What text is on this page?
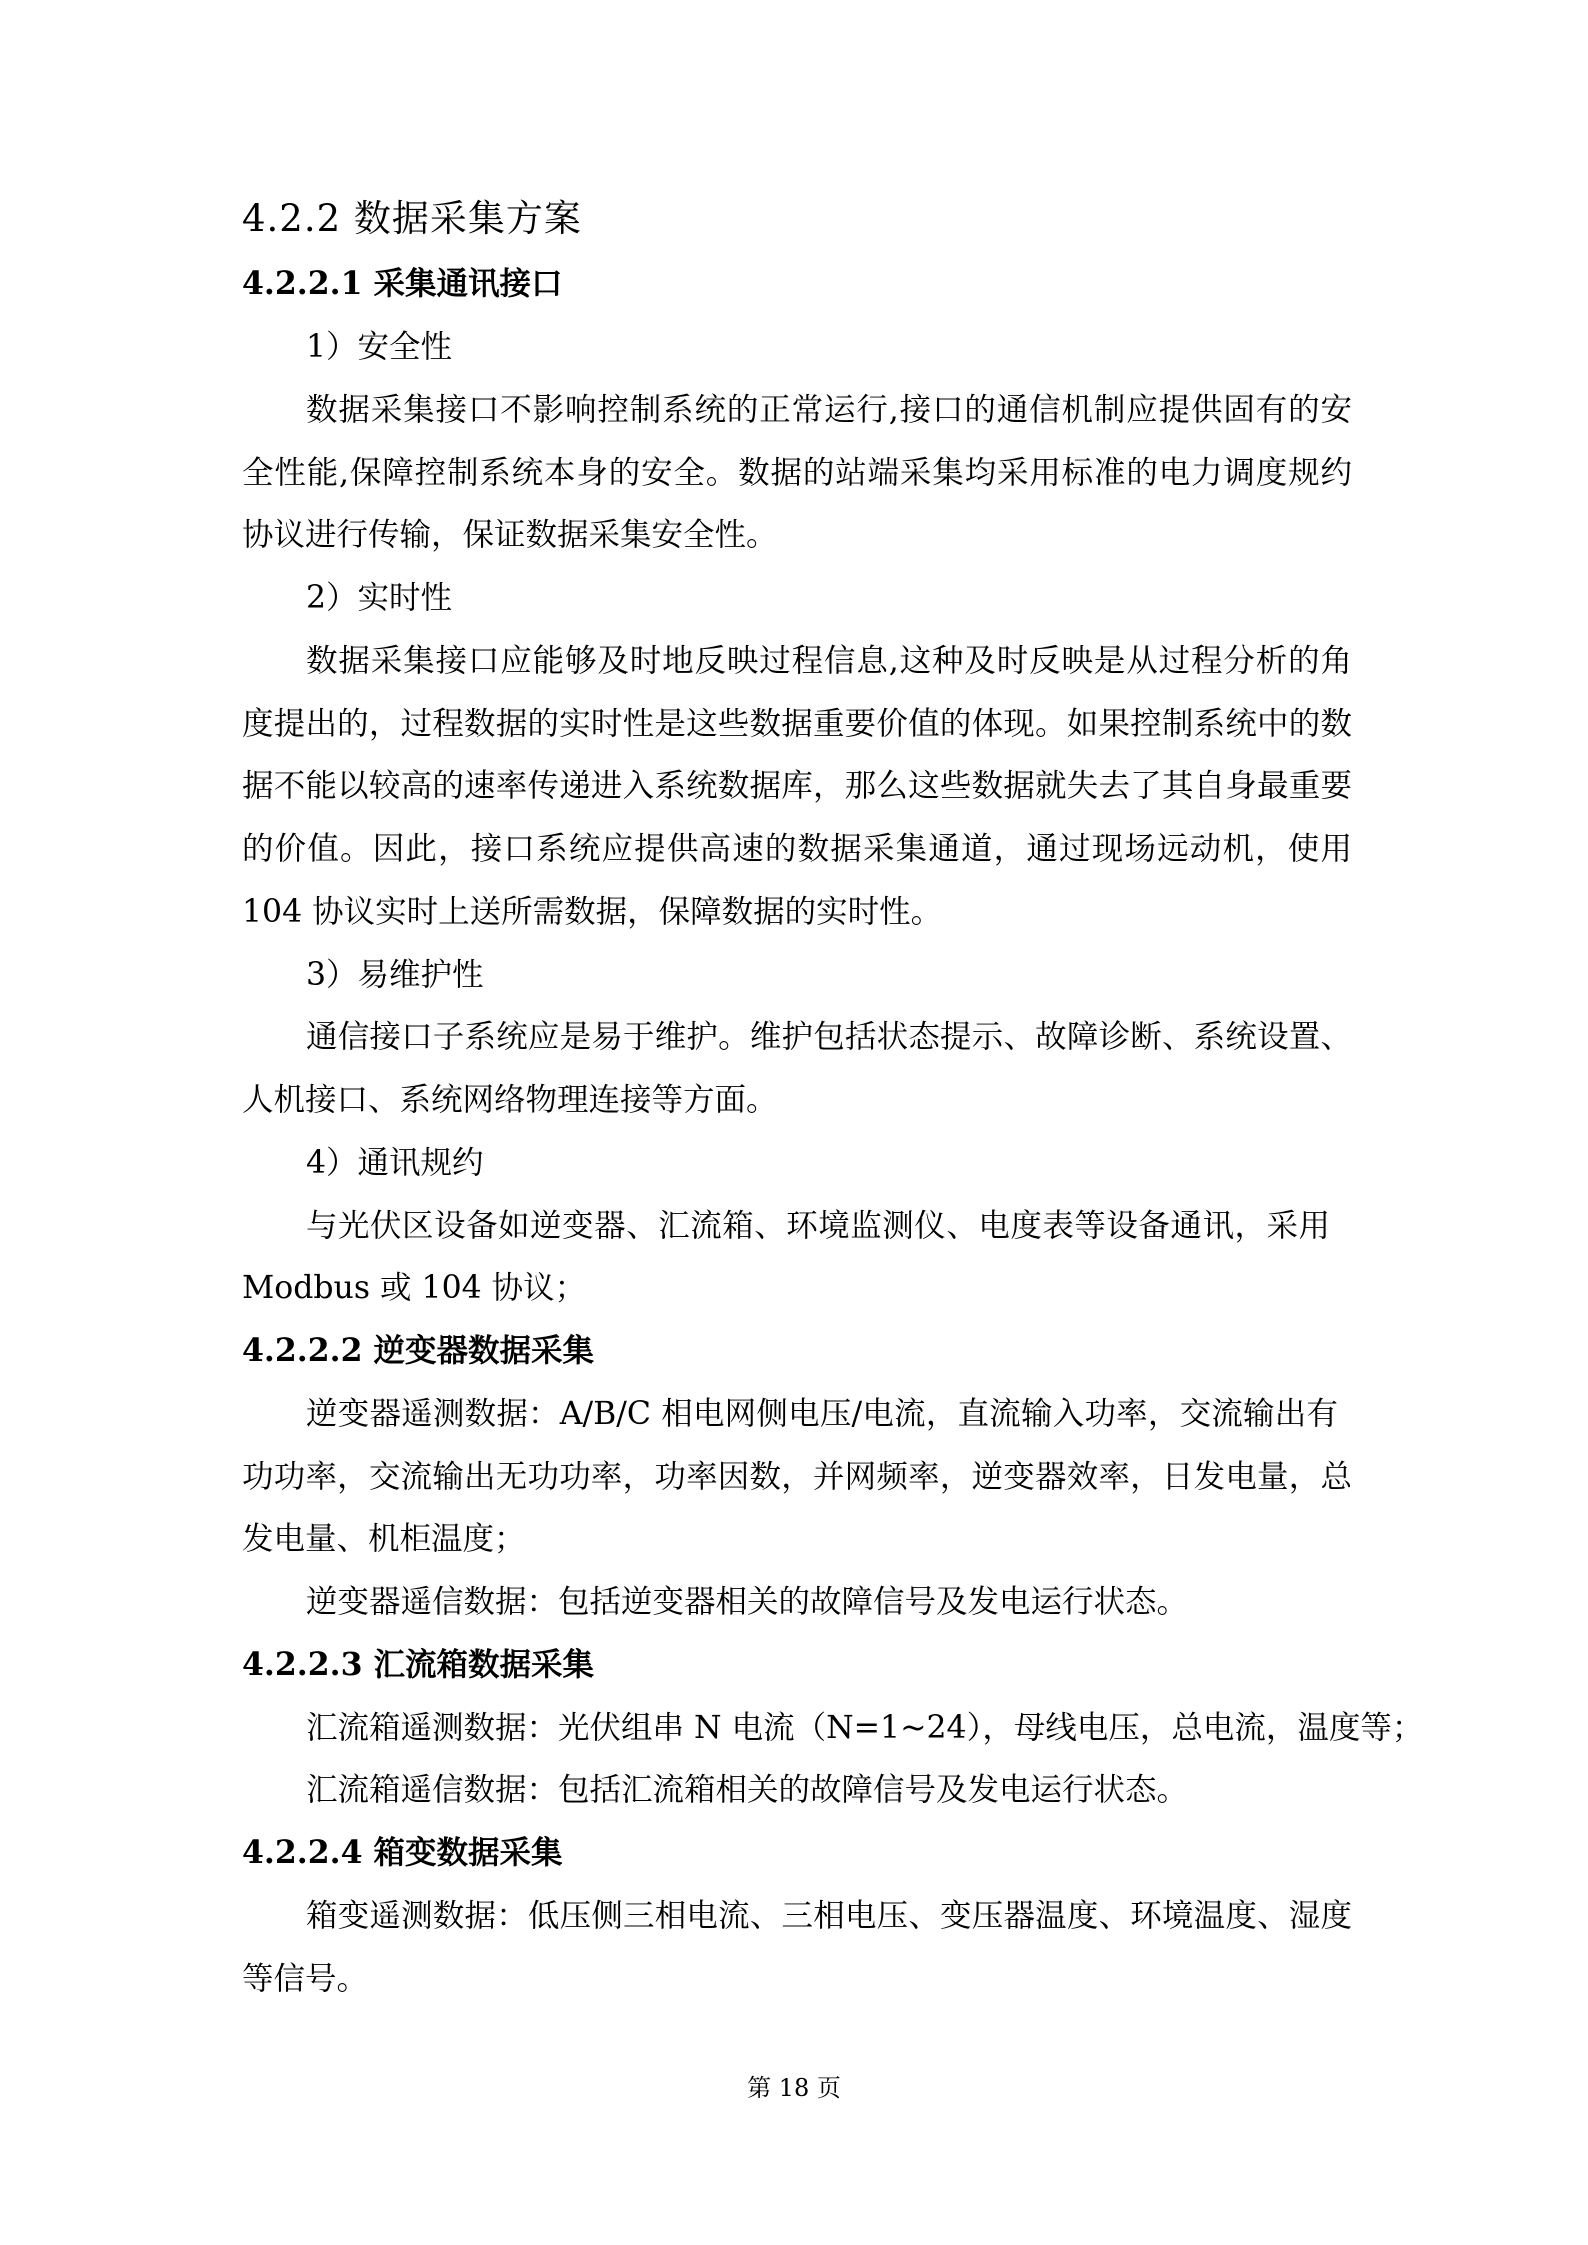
4.2.2 数据采集方案
4.2.2.1 采集通讯接口
1）安全性
数据采集接口不影响控制系统的正常运行,接口的通信机制应提供固有的安
全性能,保障控制系统本身的安全。数据的站端采集均采用标准的电力调度规约
协议进行传输，保证数据采集安全性。
2）实时性
数据采集接口应能够及时地反映过程信息,这种及时反映是从过程分析的角
度提出的，过程数据的实时性是这些数据重要价值的体现。如果控制系统中的数
据不能以较高的速率传递进入系统数据库，那么这些数据就失去了其自身最重要
的价值。因此，接口系统应提供高速的数据采集通道，通过现场远动机，使用
104 协议实时上送所需数据，保障数据的实时性。
3）易维护性
通信接口子系统应是易于维护。维护包括状态提示、故障诊断、系统设置、
人机接口、系统网络物理连接等方面。
4）通讯规约
与光伏区设备如逆变器、汇流箱、环境监测仪、电度表等设备通讯，采用
Modbus 或 104 协议；
4.2.2.2 逆变器数据采集
逆变器遥测数据：A/B/C 相电网侧电压/电流，直流输入功率，交流输出有
功功率，交流输出无功功率，功率因数，并网频率，逆变器效率，日发电量，总
发电量、机柜温度；
逆变器遥信数据：包括逆变器相关的故障信号及发电运行状态。
4.2.2.3 汇流箱数据采集
汇流箱遥测数据：光伏组串 N 电流（N=1~24），母线电压，总电流，温度等；
汇流箱遥信数据：包括汇流箱相关的故障信号及发电运行状态。
4.2.2.4 箱变数据采集
箱变遥测数据：低压侧三相电流、三相电压、变压器温度、环境温度、湿度
等信号。
第 18 页
